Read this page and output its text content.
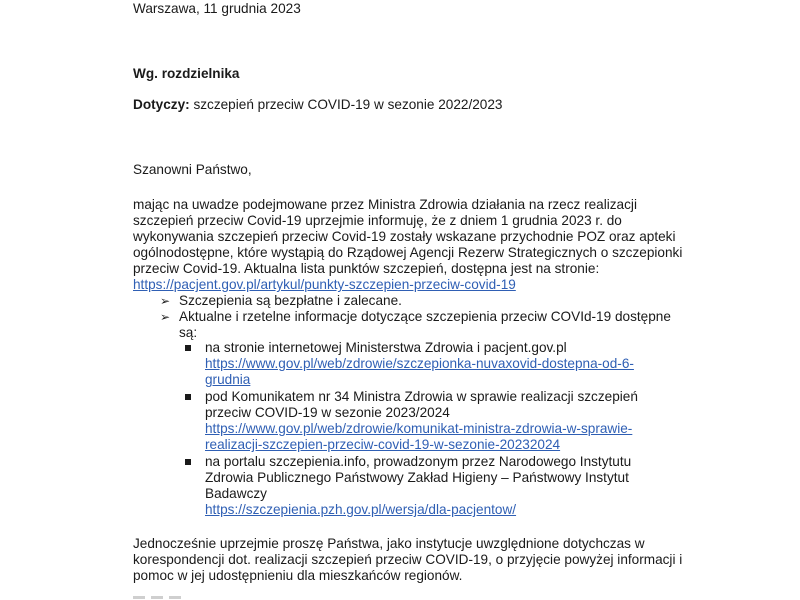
Warszawa, 11 grudnia 2023
Wg. rozdzielnika
Dotyczy: szczepień przeciw COVID-19 w sezonie 2022/2023
Szanowni Państwo,
mając na uwadze podejmowane przez Ministra Zdrowia działania na rzecz realizacji
szczepień przeciw Covid-19 uprzejmie informuję, że z dniem 1 grudnia 2023 r. do
wykonywania szczepień przeciw Covid-19 zostały wskazane przychodnie POZ oraz apteki
ogólnodostępne, które wystąpią do Rządowej Agencji Rezerw Strategicznych o szczepionki
przeciw Covid-19. Aktualna lista punktów szczepień, dostępna jest na stronie:
https://pacjent.gov.pl/artykul/punkty-szczepien-przeciw-covid-19
➢ Szczepienia są bezpłatne i zalecane.
➢ Aktualne i rzetelne informacje dotyczące szczepienia przeciw COVId-19 dostępne
są:
na stronie internetowej Ministerstwa Zdrowia i pacjent.gov.pl
https://www.gov.pl/web/zdrowie/szczepionka-nuvaxovid-dostepna-od-6-
grudnia
pod Komunikatem nr 34 Ministra Zdrowia w sprawie realizacji szczepień
przeciw COVID-19 w sezonie 2023/2024
https://www.gov.pl/web/zdrowie/komunikat-ministra-zdrowia-w-sprawie-
realizacji-szczepien-przeciw-covid-19-w-sezonie-20232024
na portalu szczepienia.info, prowadzonym przez Narodowego Instytutu
Zdrowia Publicznego Państwowy Zakład Higieny – Państwowy Instytut
Badawczy
https://szczepienia.pzh.gov.pl/wersja/dla-pacjentow/
Jednocześnie uprzejmie proszę Państwa, jako instytucje uwzględnione dotychczas w
korespondencji dot. realizacji szczepień przeciw COVID-19, o przyjęcie powyżej informacji i
pomoc w jej udostępnieniu dla mieszkańców regionów.
